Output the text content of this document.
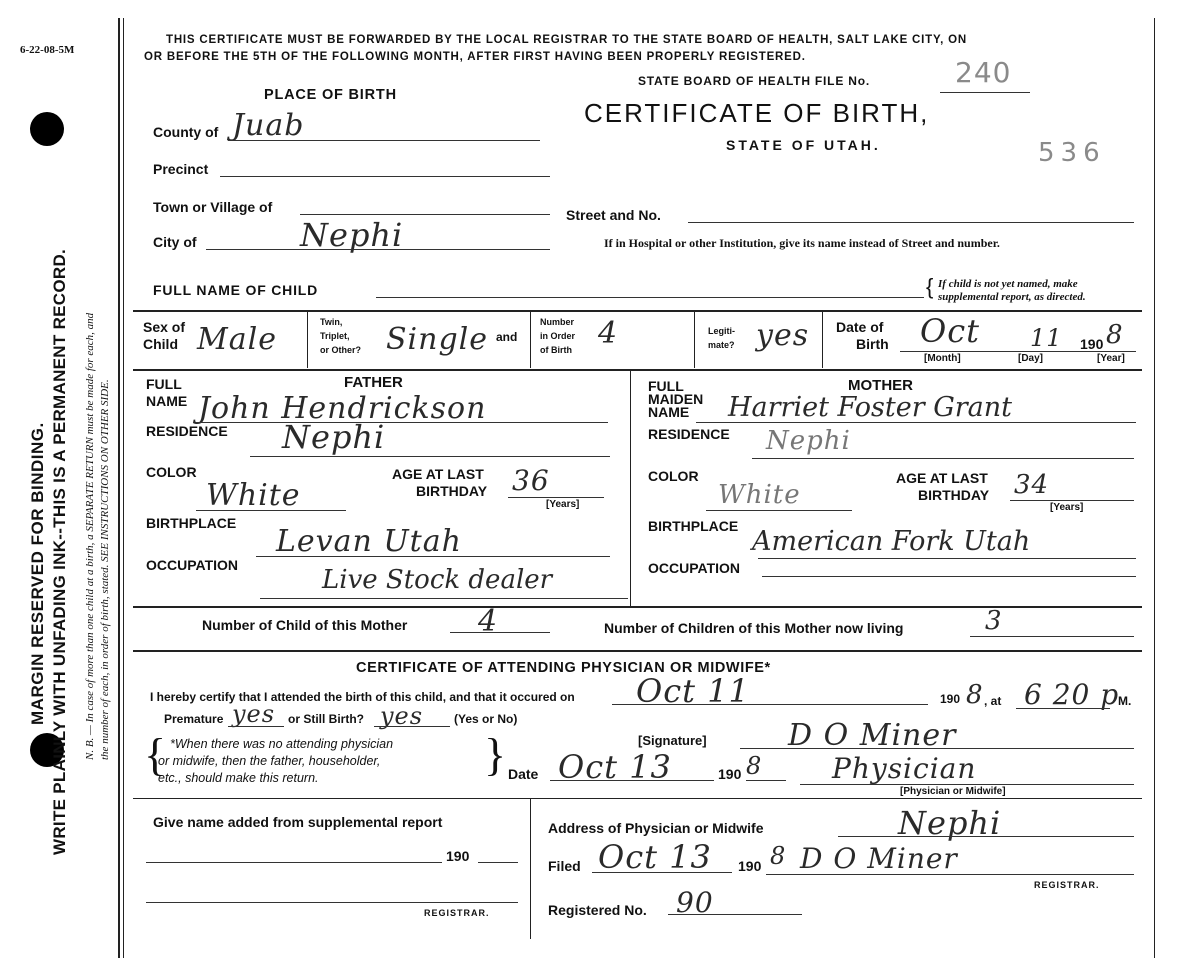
6-22-08-5M
WRITE PLAINLY WITH UNFADING INK--THIS IS A PERMANENT RECORD.
MARGIN RESERVED FOR BINDING.	N. B. — In case of more than one child at a birth, a SEPARATE RETURN must be made for each, and the number of each, in order of birth, stated. SEE INSTRUCTIONS ON OTHER SIDE.
THIS CERTIFICATE MUST BE FORWARDED BY THE LOCAL REGISTRAR TO THE STATE BOARD OF HEALTH, SALT LAKE CITY, ON
OR BEFORE THE 5TH OF THE FOLLOWING MONTH, AFTER FIRST HAVING BEEN PROPERLY REGISTERED.
STATE BOARD OF HEALTH FILE No.	240
PLACE OF BIRTH
CERTIFICATE OF BIRTH,
STATE OF UTAH.	536
County of Juab
Precinct
Town or Village of
City of	Nephi
Street and No.
If in Hospital or other Institution, give its name instead of Street and number.
FULL NAME OF CHILD	{ If child is not yet named, make
supplemental report, as directed.
Sex of
Child Male	Twin,
Triplet,
or Other? Single and
Number
in Order
of Birth 4	Legiti-
mate? yes Date of
Birth Oct 11 190 8
[Month]	[Day]	[Year]
FULL
NAME
FATHER
John Hendrickson
RESIDENCE Nephi
COLOR
White
AGE AT LAST
BIRTHDAY 36
[Years]
BIRTHPLACE
Levan Utah
OCCUPATION	Live Stock dealer
FULL
MAIDEN
NAME
MOTHER
Harriet Foster Grant
RESIDENCE Nephi
COLOR
White
AGE AT LAST
BIRTHDAY 34
[Years]
BIRTHPLACE American Fork Utah
OCCUPATION
Number of Child of this Mother 4	Number of Children of this Mother now living	3
CERTIFICATE OF ATTENDING PHYSICIAN OR MIDWIFE*
I hereby certify that I attended the birth of this child, and that it occured on Oct 11	190 8 , at 6 20 p
M.
Premature yes or Still Birth? yes	(Yes or No)
{ *When there was no attending physician
or midwife, then the father, householder,
etc., should make this return.	}	[Signature]	D O Miner
Date Oct 13	190 8 Physician
[Physician or Midwife]
Give name added from supplemental report
190
REGISTRAR.
Address of Physician or Midwife	Nephi
Filed Oct 13 190 8 D O Miner
REGISTRAR.
Registered No. 90
